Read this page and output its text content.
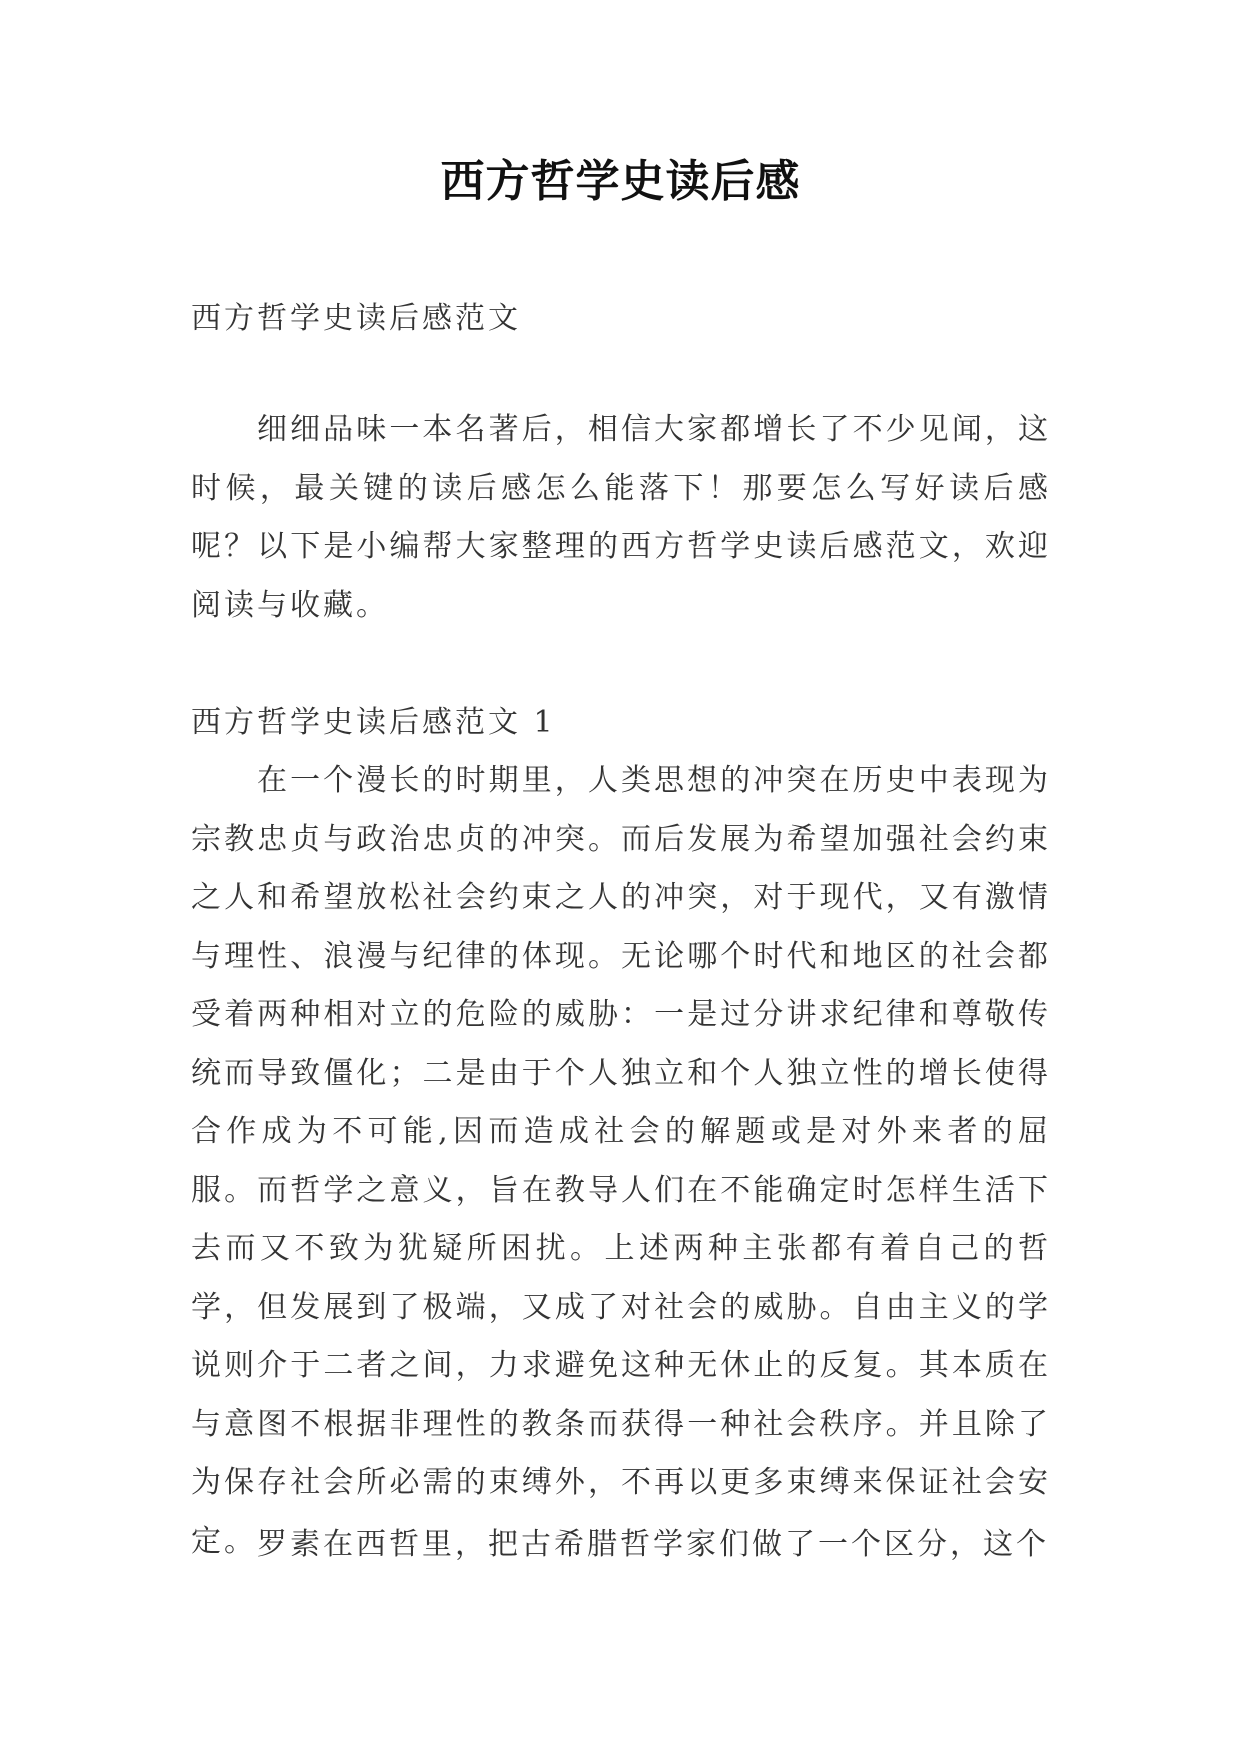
西方哲学史读后感
西方哲学史读后感范文
细细品味一本名著后，相信大家都增长了不少见闻，这时候，最关键的读后感怎么能落下！那要怎么写好读后感呢？以下是小编帮大家整理的西方哲学史读后感范文，欢迎阅读与收藏。
西方哲学史读后感范文 1
在一个漫长的时期里，人类思想的冲突在历史中表现为宗教忠贞与政治忠贞的冲突。而后发展为希望加强社会约束之人和希望放松社会约束之人的冲突，对于现代，又有激情与理性、浪漫与纪律的体现。无论哪个时代和地区的社会都受着两种相对立的危险的威胁：一是过分讲求纪律和尊敬传统而导致僵化；二是由于个人独立和个人独立性的增长使得合作成为不可能,因而造成社会的解题或是对外来者的屈服。而哲学之意义，旨在教导人们在不能确定时怎样生活下去而又不致为犹疑所困扰。上述两种主张都有着自己的哲学，但发展到了极端，又成了对社会的威胁。自由主义的学说则介于二者之间，力求避免这种无休止的反复。其本质在与意图不根据非理性的教条而获得一种社会秩序。并且除了为保存社会所必需的束缚外，不再以更多束缚来保证社会安定。 罗素在西哲里，把古希腊哲学家们做了一个区分，这个
